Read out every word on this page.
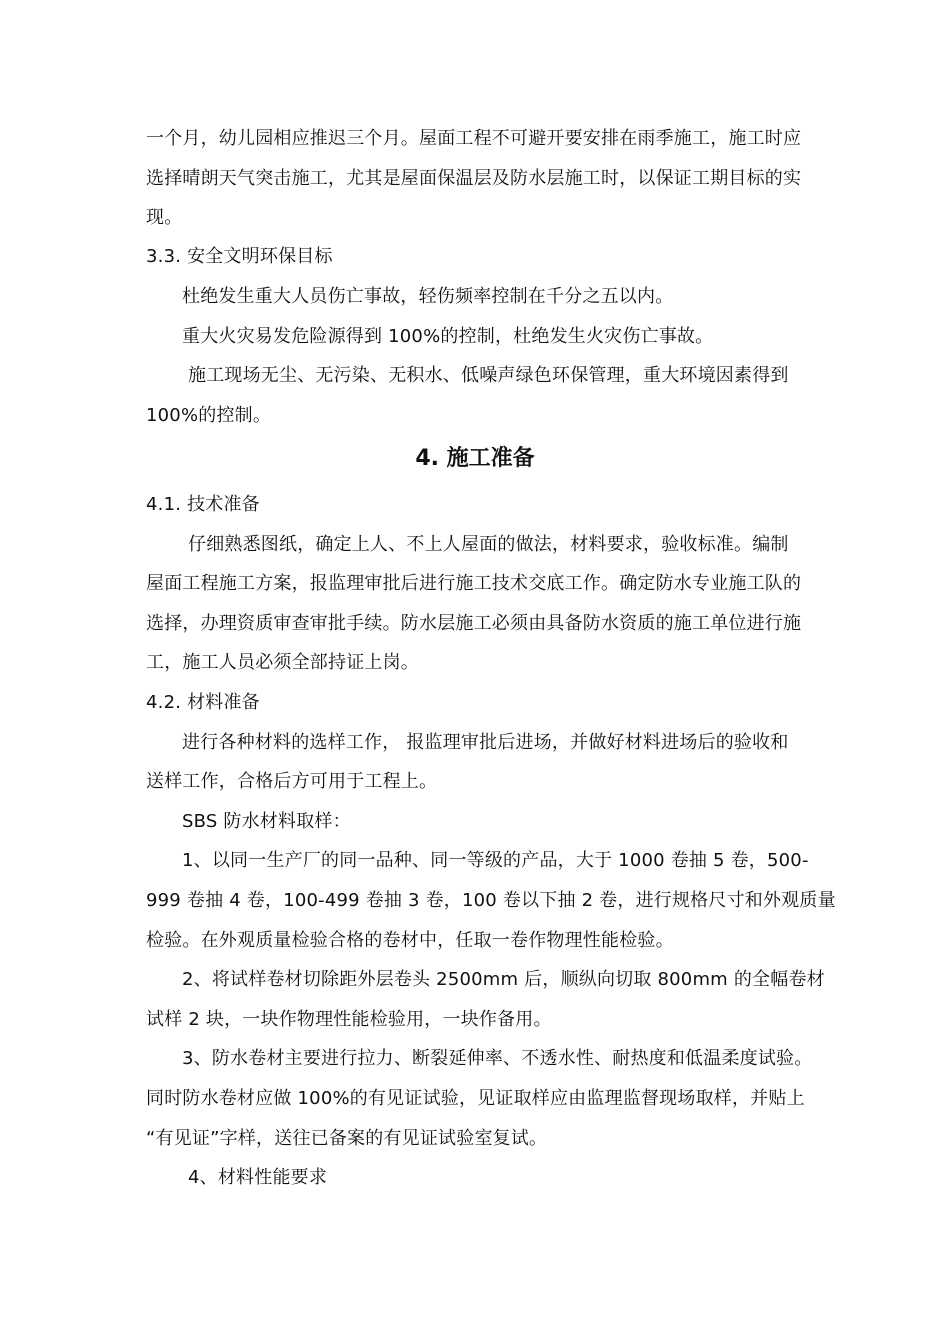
一个月，幼儿园相应推迟三个月。屋面工程不可避开要安排在雨季施工，施工时应
选择晴朗天气突击施工，尤其是屋面保温层及防水层施工时，以保证工期目标的实
现。
3.3. 安全文明环保目标
杜绝发生重大人员伤亡事故，轻伤频率控制在千分之五以内。
重大火灾易发危险源得到 100%的控制，杜绝发生火灾伤亡事故。
施工现场无尘、无污染、无积水、低噪声绿色环保管理，重大环境因素得到
100%的控制。
4. 施工准备
4.1. 技术准备
仔细熟悉图纸，确定上人、不上人屋面的做法，材料要求，验收标准。编制
屋面工程施工方案，报监理审批后进行施工技术交底工作。确定防水专业施工队的
选择，办理资质审查审批手续。防水层施工必须由具备防水资质的施工单位进行施
工，施工人员必须全部持证上岗。
4.2. 材料准备
进行各种材料的选样工作， 报监理审批后进场，并做好材料进场后的验收和
送样工作，合格后方可用于工程上。
SBS 防水材料取样：
1、以同一生产厂的同一品种、同一等级的产品，大于 1000 卷抽 5 卷，500-
999 卷抽 4 卷，100-499 卷抽 3 卷，100 卷以下抽 2 卷，进行规格尺寸和外观质量
检验。在外观质量检验合格的卷材中，任取一卷作物理性能检验。
2、将试样卷材切除距外层卷头 2500mm 后，顺纵向切取 800mm 的全幅卷材
试样 2 块，一块作物理性能检验用，一块作备用。
3、防水卷材主要进行拉力、断裂延伸率、不透水性、耐热度和低温柔度试验。
同时防水卷材应做 100%的有见证试验，见证取样应由监理监督现场取样，并贴上
“有见证”字样，送往已备案的有见证试验室复试。
4、材料性能要求
